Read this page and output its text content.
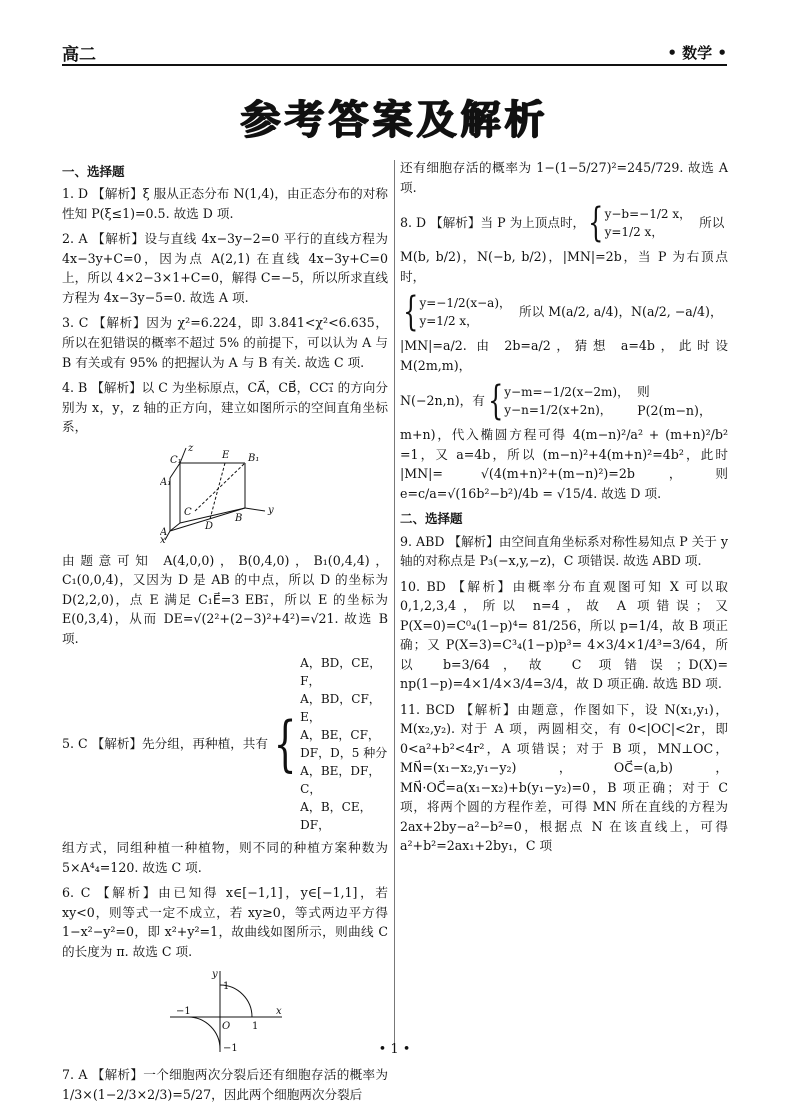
高二	• 数学 •
参考答案及解析
一、选择题
1. D 【解析】ξ 服从正态分布 N(1,4)，由正态分布的对称性知 P(ξ≤1)=0.5. 故选 D 项.
2. A 【解析】设与直线 4x−3y−2=0 平行的直线方程为 4x−3y+C=0，因为点 A(2,1) 在直线 4x−3y+C=0 上，所以 4×2−3×1+C=0，解得 C=−5，所以所求直线方程为 4x−3y−5=0. 故选 A 项.
3. C 【解析】因为 χ²=6.224，即 3.841<χ²<6.635，所以在犯错误的概率不超过 5% 的前提下，可以认为 A 与 B 有关或有 95% 的把握认为 A 与 B 有关. 故选 C 项.
4. B 【解析】以 C 为坐标原点，CA⃗，CB⃗，CC₁⃗ 的方向分别为 x，y，z 轴的正方向，建立如图所示的空间直角坐标系，
C₁
z
E B₁
A₁
C
A
D
B
y
x
由题意可知 A(4,0,0)，B(0,4,0)，B₁(0,4,4)，C₁(0,0,4)，又因为 D 是 AB 的中点，所以 D 的坐标为 D(2,2,0)，点 E 满足 C₁E⃗=3 EB₁⃗，所以 E 的坐标为 E(0,3,4)，从而 DE=√(2²+(2−3)²+4²)=√21. 故选 B 项.
5. C 【解析】先分组，再种植，共有 {
A，BD，CE，F，
A，BD，CF，E，
A，BE，CF，DF，D，5 种分
A，BE，DF，C，
A，B，CE，DF，
组方式，同组种植一种植物，则不同的种植方案种数为 5×A⁴₄=120. 故选 C 项.
6. C 【解析】由已知得 x∈[−1,1]，y∈[−1,1]，若 xy<0，则等式一定不成立，若 xy≥0，等式两边平方得 1−x²−y²=0，即 x²+y²=1，故曲线如图所示，则曲线 C 的长度为 π. 故选 C 项.
y
1
−1
O 1
x
−1
7. A 【解析】一个细胞两次分裂后还有细胞存活的概率为 1/3×(1−2/3×2/3)=5/27，因此两个细胞两次分裂后
还有细胞存活的概率为 1−(1−5/27)²=245/729. 故选 A 项.
8. D 【解析】当 P 为上顶点时， { y−b=−1/2 x，
y=1/2 x，
所以
M(b, b/2)，N(−b, b/2)，|MN|=2b，当 P 为右顶点时，
{ y=−1/2(x−a)，
y=1/2 x，
所以 M(a/2, a/4)，N(a/2, −a/4)，
|MN|=a/2. 由 2b=a/2，猜想 a=4b，此时设 M(2m,m)，
N(−2n,n)，有 { y−m=−1/2(x−2m)，
y−n=1/2(x+2n)，
则 P(2(m−n)，
m+n)，代入椭圆方程可得 4(m−n)²/a² + (m+n)²/b² =1，又 a=4b，所以 (m−n)²+4(m+n)²=4b²，此时 |MN|= √(4(m+n)²+(m−n)²)=2b，则 e=c/a=√(16b²−b²)/4b = √15/4. 故选 D 项.
二、选择题
9. ABD 【解析】由空间直角坐标系对称性易知点 P 关于 y 轴的对称点是 P₃(−x,y,−z)，C 项错误. 故选 ABD 项.
10. BD 【解析】由概率分布直观图可知 X 可以取 0,1,2,3,4，所以 n=4，故 A 项错误；又 P(X=0)=C⁰₄(1−p)⁴= 81/256，所以 p=1/4，故 B 项正确；又 P(X=3)=C³₄(1−p)p³= 4×3/4×1/4³=3/64，所以 b=3/64，故 C 项错误；D(X)= np(1−p)=4×1/4×3/4=3/4，故 D 项正确. 故选 BD 项.
11. BCD 【解析】由题意，作图如下，设 N(x₁,y₁)，M(x₂,y₂). 对于 A 项，两圆相交，有 0<|OC|<2r，即 0<a²+b²<4r²，A 项错误；对于 B 项，MN⊥OC，MN⃗=(x₁−x₂,y₁−y₂)，OC⃗=(a,b)，MN⃗·OC⃗=a(x₁−x₂)+b(y₁−y₂)=0，B 项正确；对于 C 项，将两个圆的方程作差，可得 MN 所在直线的方程为 2ax+2by−a²−b²=0，根据点 N 在该直线上，可得 a²+b²=2ax₁+2by₁，C 项
• 1 •
